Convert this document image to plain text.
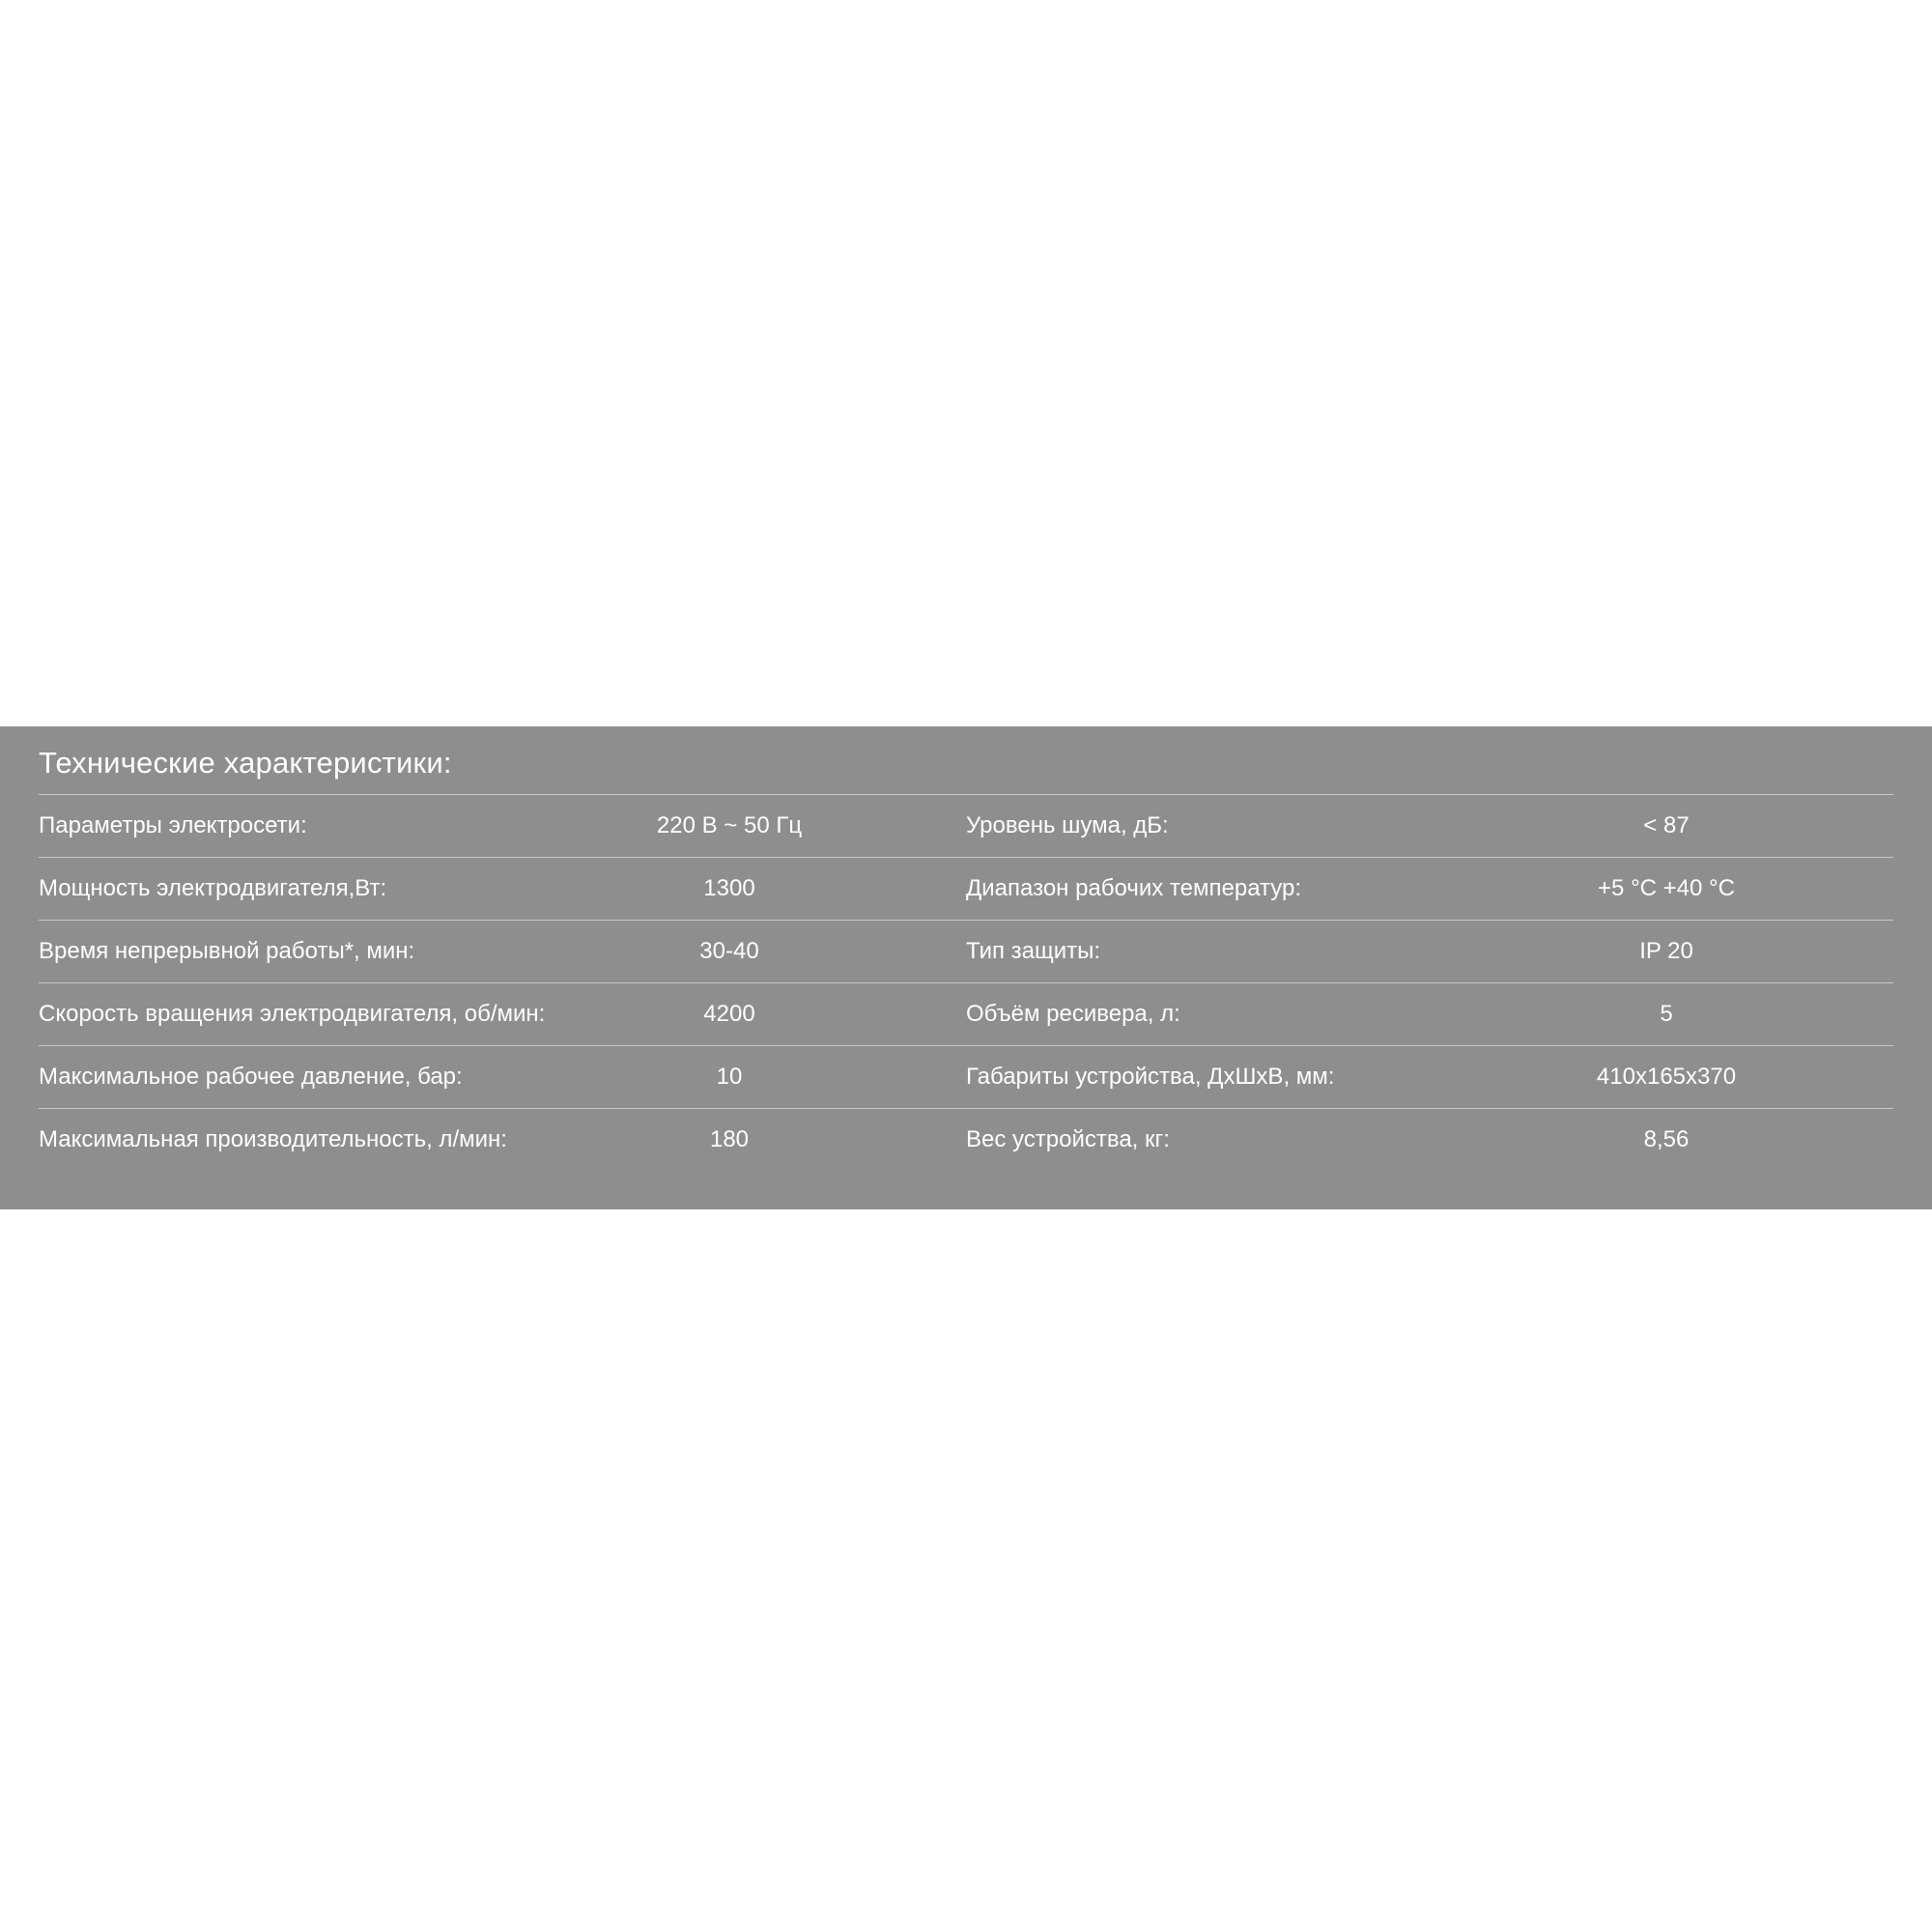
Технические характеристики:
Параметры электросети:	220 В ~ 50 Гц	Уровень шума, дБ:	< 87
Мощность электродвигателя,Вт:	1300	Диапазон рабочих температур:	+5 °C +40 °C
Время непрерывной работы*, мин:	30-40	Тип защиты:	IP 20
Скорость вращения электродвигателя, об/мин:	4200	Объём ресивера, л:	5
Максимальное рабочее давление, бар:	10	Габариты устройства, ДхШхВ, мм:	410x165x370
Максимальная производительность, л/мин:	180	Вес устройства, кг:	8,56
